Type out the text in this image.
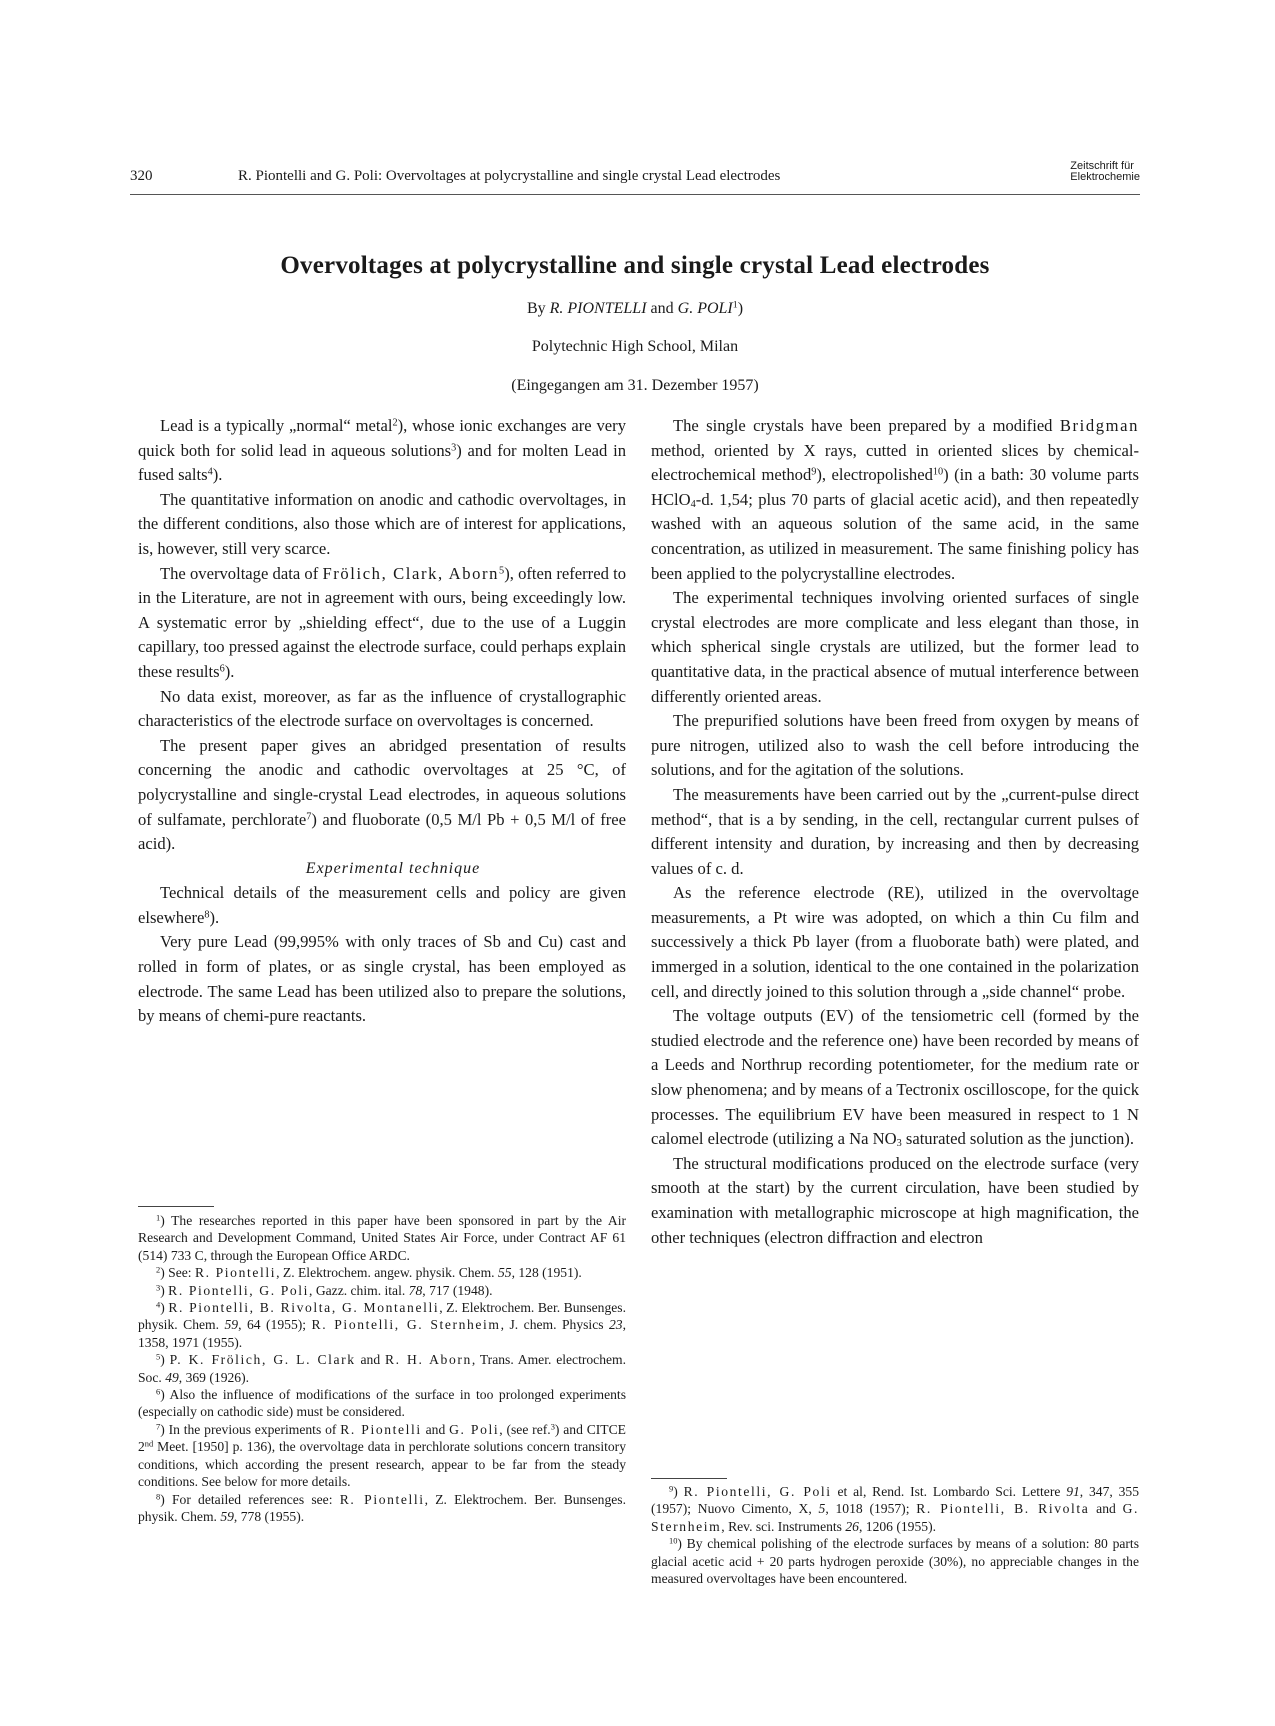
320	R. Piontelli and G. Poli: Overvoltages at polycrystalline and single crystal Lead electrodes
Zeitschrift für
Elektrochemie
Overvoltages at polycrystalline and single crystal Lead electrodes
By R. PIONTELLI and G. POLI$^1$)
Polytechnic High School, Milan
(Eingegangen am 31. Dezember 1957)

Lead is a typically „normal“ metal$^2$), whose ionic exchanges are very quick both for solid lead in aqueous solutions$^3$) and for molten Lead in fused salts$^4$).

The quantitative information on anodic and cathodic overvoltages, in the different conditions, also those which are of interest for applications, is, however, still very scarce.

The overvoltage data of Frölich, Clark, Aborn$^5$), often referred to in the Literature, are not in agreement with ours, being exceedingly low. A systematic error by „shielding effect“, due to the use of a Luggin capillary, too pressed against the electrode surface, could perhaps explain these results$^6$).

No data exist, moreover, as far as the influence of crystallographic characteristics of the electrode surface on overvoltages is concerned.

The present paper gives an abridged presentation of results concerning the anodic and cathodic overvoltages at 25 °C, of polycrystalline and single-crystal Lead electrodes, in aqueous solutions of sulfamate, perchlorate$^7$) and fluoborate (0,5 M/l Pb + 0,5 M/l of free acid).

Experimental technique

Technical details of the measurement cells and policy are given elsewhere$^8$).

Very pure Lead (99,995% with only traces of Sb and Cu) cast and rolled in form of plates, or as single crystal, has been employed as electrode. The same Lead has been utilized also to prepare the solutions, by means of chemi-pure reactants.

$^1$) The researches reported in this paper have been sponsored in part by the Air Research and Development Command, United States Air Force, under Contract AF 61 (514) 733 C, through the European Office ARDC.

$^2$) See: R. Piontelli, Z. Elektrochem. angew. physik. Chem. 55, 128 (1951).

$^3$) R. Piontelli, G. Poli, Gazz. chim. ital. 78, 717 (1948).

$^4$) R. Piontelli, B. Rivolta, G. Montanelli, Z. Elektrochem. Ber. Bunsenges. physik. Chem. 59, 64 (1955); R. Piontelli, G. Sternheim, J. chem. Physics 23, 1358, 1971 (1955).

$^5$) P. K. Frölich, G. L. Clark and R. H. Aborn, Trans. Amer. electrochem. Soc. 49, 369 (1926).

$^6$) Also the influence of modifications of the surface in too prolonged experiments (especially on cathodic side) must be considered.

$^7$) In the previous experiments of R. Piontelli and G. Poli, (see ref.$^3$) and CITCE 2nd Meet. [1950] p. 136), the overvoltage data in perchlorate solutions concern transitory conditions, which according the present research, appear to be far from the steady conditions. See below for more details.

$^8$) For detailed references see: R. Piontelli, Z. Elektrochem. Ber. Bunsenges. physik. Chem. 59, 778 (1955).

The single crystals have been prepared by a modified Bridgman method, oriented by X rays, cutted in oriented slices by chemical-electrochemical method$^9$), electropolished$^{10}$) (in a bath: 30 volume parts HClO$_4$-d. 1,54; plus 70 parts of glacial acetic acid), and then repeatedly washed with an aqueous solution of the same acid, in the same concentration, as utilized in measurement. The same finishing policy has been applied to the polycrystalline electrodes.

The experimental techniques involving oriented surfaces of single crystal electrodes are more complicate and less elegant than those, in which spherical single crystals are utilized, but the former lead to quantitative data, in the practical absence of mutual interference between differently oriented areas.

The prepurified solutions have been freed from oxygen by means of pure nitrogen, utilized also to wash the cell before introducing the solutions, and for the agitation of the solutions.

The measurements have been carried out by the „current-pulse direct method“, that is a by sending, in the cell, rectangular current pulses of different intensity and duration, by increasing and then by decreasing values of c. d.

As the reference electrode (RE), utilized in the overvoltage measurements, a Pt wire was adopted, on which a thin Cu film and successively a thick Pb layer (from a fluoborate bath) were plated, and immerged in a solution, identical to the one contained in the polarization cell, and directly joined to this solution through a „side channel“ probe.

The voltage outputs (EV) of the tensiometric cell (formed by the studied electrode and the reference one) have been recorded by means of a Leeds and Northrup recording potentiometer, for the medium rate or slow phenomena; and by means of a Tectronix oscilloscope, for the quick processes. The equilibrium EV have been measured in respect to 1 N calomel electrode (utilizing a Na $NO_3$ saturated solution as the junction).

The structural modifications produced on the electrode surface (very smooth at the start) by the current circulation, have been studied by examination with metallographic microscope at high magnification, the other techniques (electron diffraction and electron

$^9$) R. Piontelli, G. Poli et al, Rend. Ist. Lombardo Sci. Lettere 91, 347, 355 (1957); Nuovo Cimento, X, 5, 1018 (1957); R. Piontelli, B. Rivolta and G. Sternheim, Rev. sci. Instruments 26, 1206 (1955).

$^{10}$) By chemical polishing of the electrode surfaces by means of a solution: 80 parts glacial acetic acid + 20 parts hydrogen peroxide (30%), no appreciable changes in the measured overvoltages have been encountered.
